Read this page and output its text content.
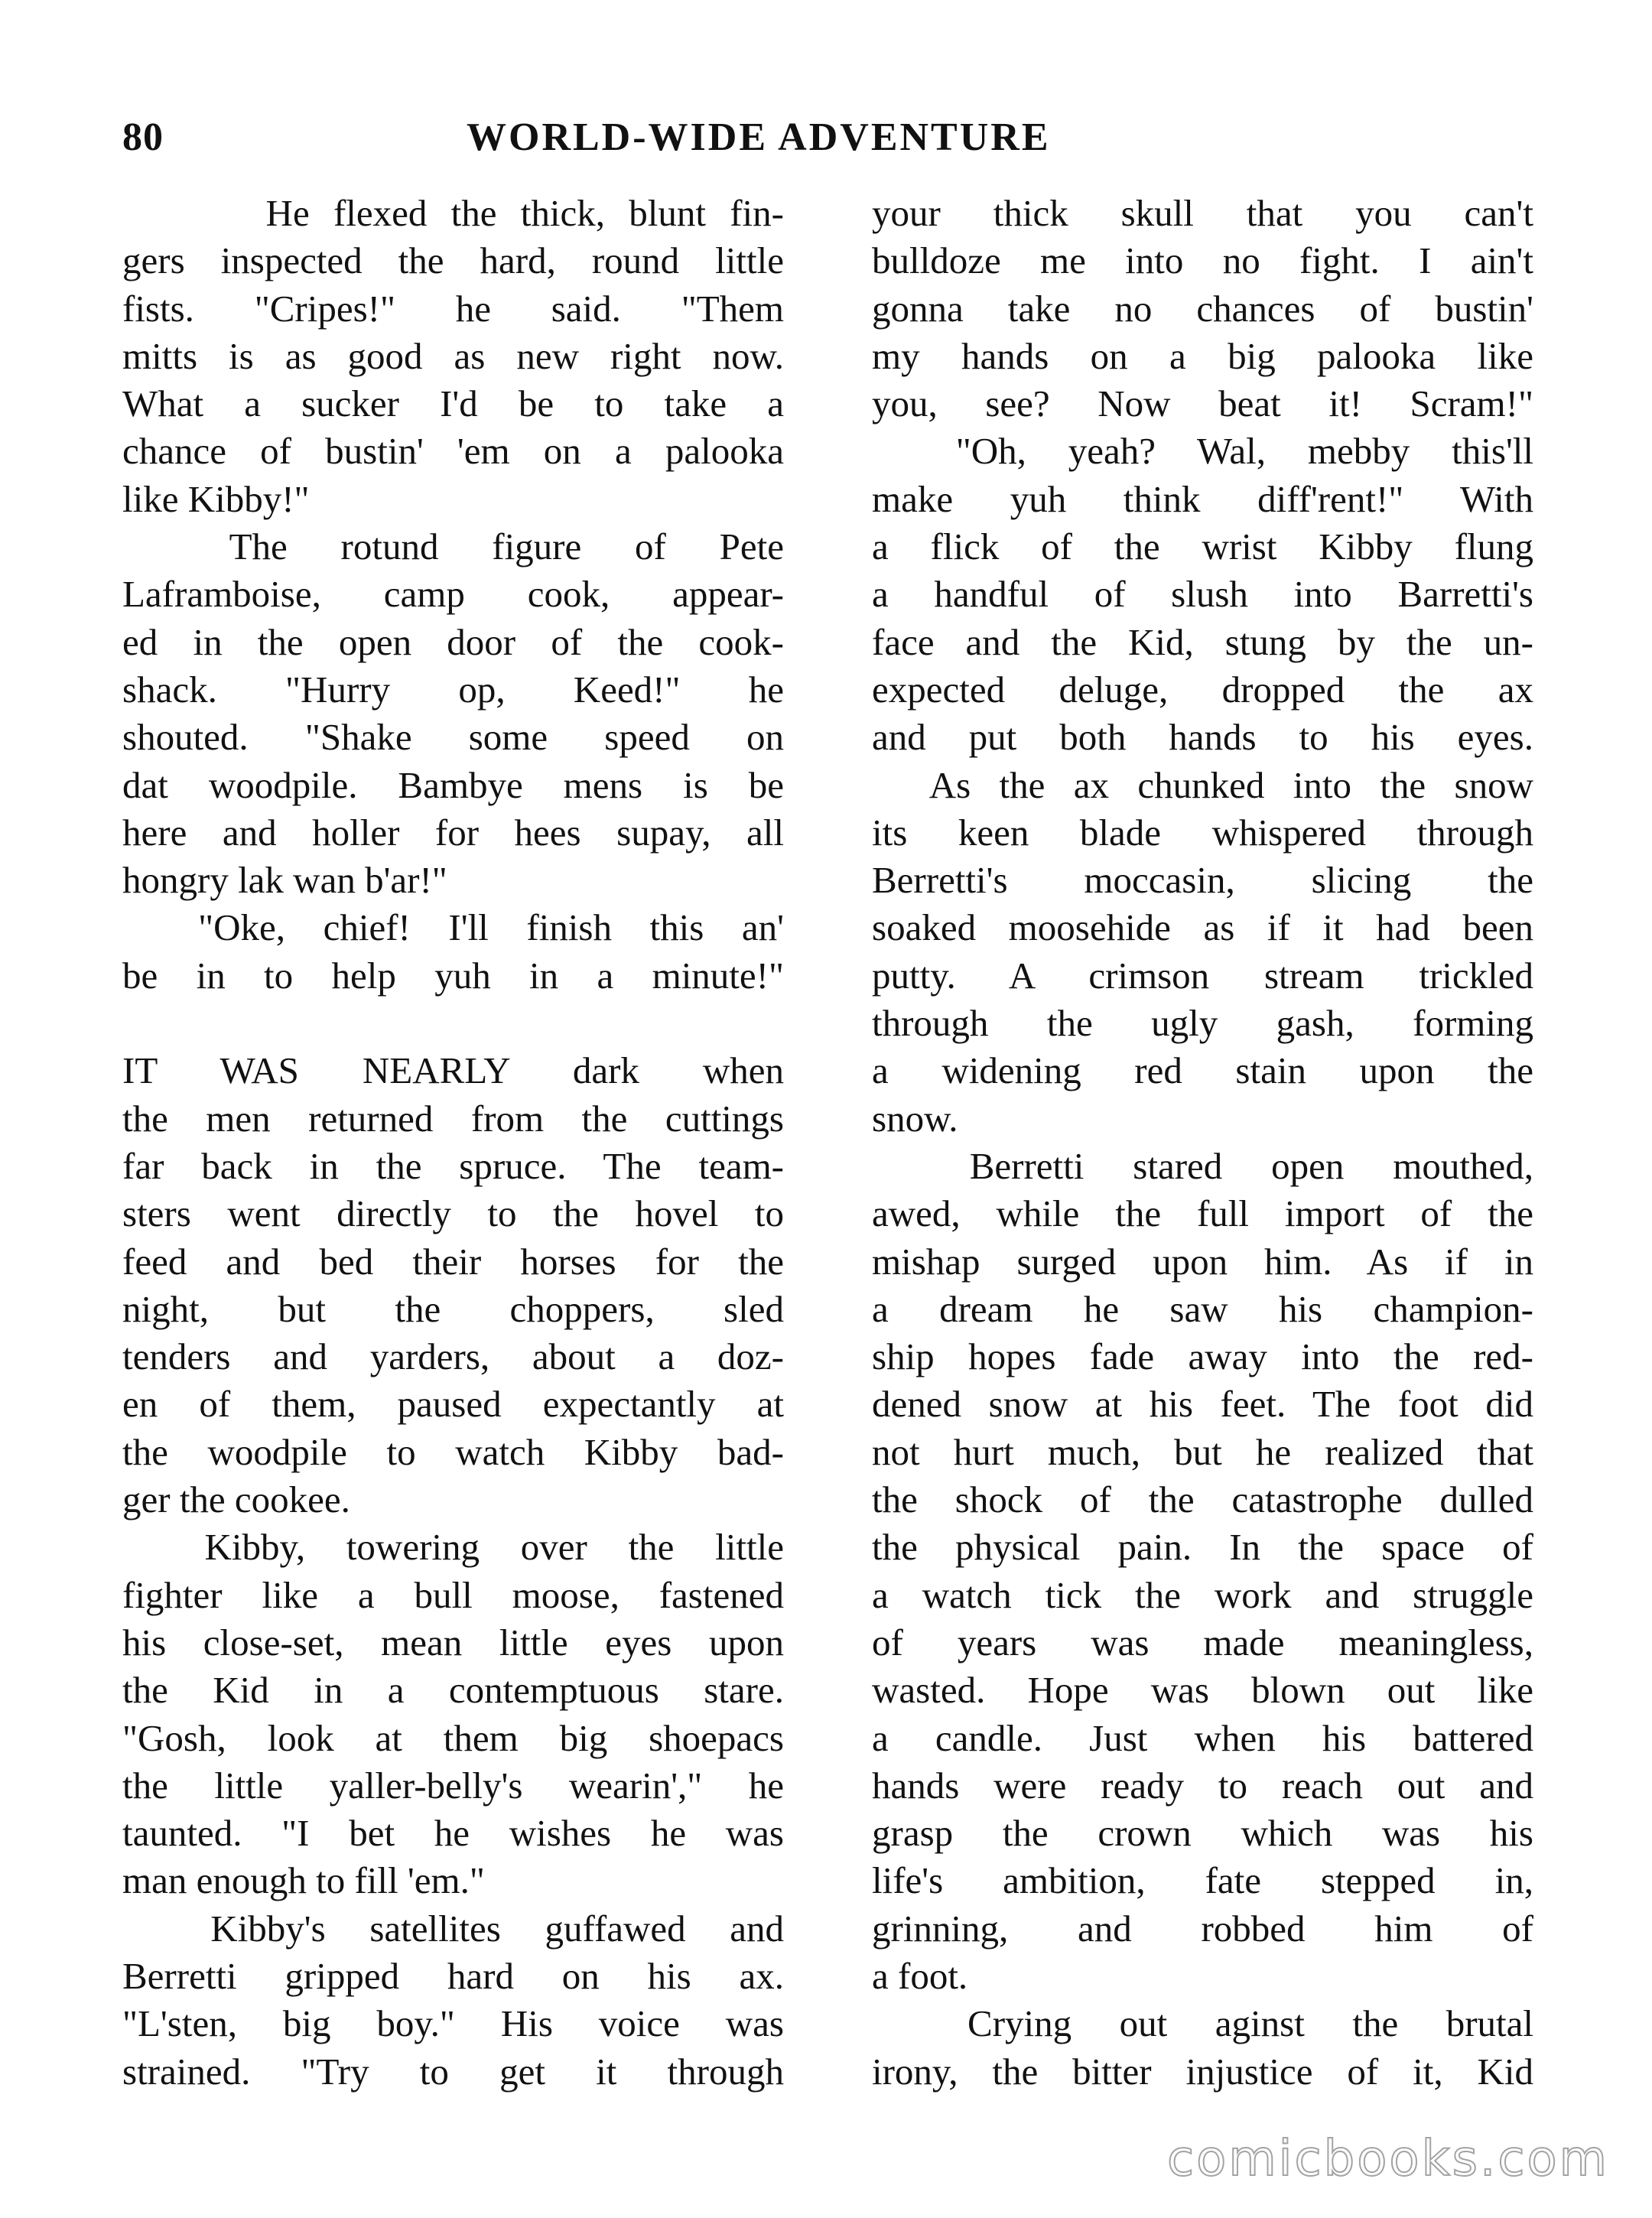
80	WORLD-WIDE ADVENTURE
He flexed the thick, blunt fin-
gers inspected the hard, round little
fists. "Cripes!" he said. "Them
mitts is as good as new right now.
What a sucker I'd be to take a
chance of bustin' 'em on a palooka
like Kibby!"
The rotund figure of Pete
Laframboise, camp cook, appear-
ed in the open door of the cook-
shack. "Hurry op, Keed!" he
shouted. "Shake some speed on
dat woodpile. Bambye mens is be
here and holler for hees supay, all
hongry lak wan b'ar!"
"Oke, chief! I'll finish this an'
be in to help yuh in a minute!"
IT WAS NEARLY dark when
the men returned from the cuttings
far back in the spruce. The team-
sters went directly to the hovel to
feed and bed their horses for the
night, but the choppers, sled
tenders and yarders, about a doz-
en of them, paused expectantly at
the woodpile to watch Kibby bad-
ger the cookee.
Kibby, towering over the little
fighter like a bull moose, fastened
his close-set, mean little eyes upon
the Kid in a contemptuous stare.
"Gosh, look at them big shoepacs
the little yaller-belly's wearin'," he
taunted. "I bet he wishes he was
man enough to fill 'em."
Kibby's satellites guffawed and
Berretti gripped hard on his ax.
"L'sten, big boy." His voice was
strained. "Try to get it through
your thick skull that you can't
bulldoze me into no fight. I ain't
gonna take no chances of bustin'
my hands on a big palooka like
you, see? Now beat it! Scram!"
"Oh, yeah? Wal, mebby this'll
make yuh think diff'rent!" With
a flick of the wrist Kibby flung
a handful of slush into Barretti's
face and the Kid, stung by the un-
expected deluge, dropped the ax
and put both hands to his eyes.
As the ax chunked into the snow
its keen blade whispered through
Berretti's moccasin, slicing the
soaked moosehide as if it had been
putty. A crimson stream trickled
through the ugly gash, forming
a widening red stain upon the
snow.
Berretti stared open mouthed,
awed, while the full import of the
mishap surged upon him. As if in
a dream he saw his champion-
ship hopes fade away into the red-
dened snow at his feet. The foot did
not hurt much, but he realized that
the shock of the catastrophe dulled
the physical pain. In the space of
a watch tick the work and struggle
of years was made meaningless,
wasted. Hope was blown out like
a candle. Just when his battered
hands were ready to reach out and
grasp the crown which was his
life's ambition, fate stepped in,
grinning, and robbed him of
a foot.
Crying out aginst the brutal
irony, the bitter injustice of it, Kid
comicbooks.com
